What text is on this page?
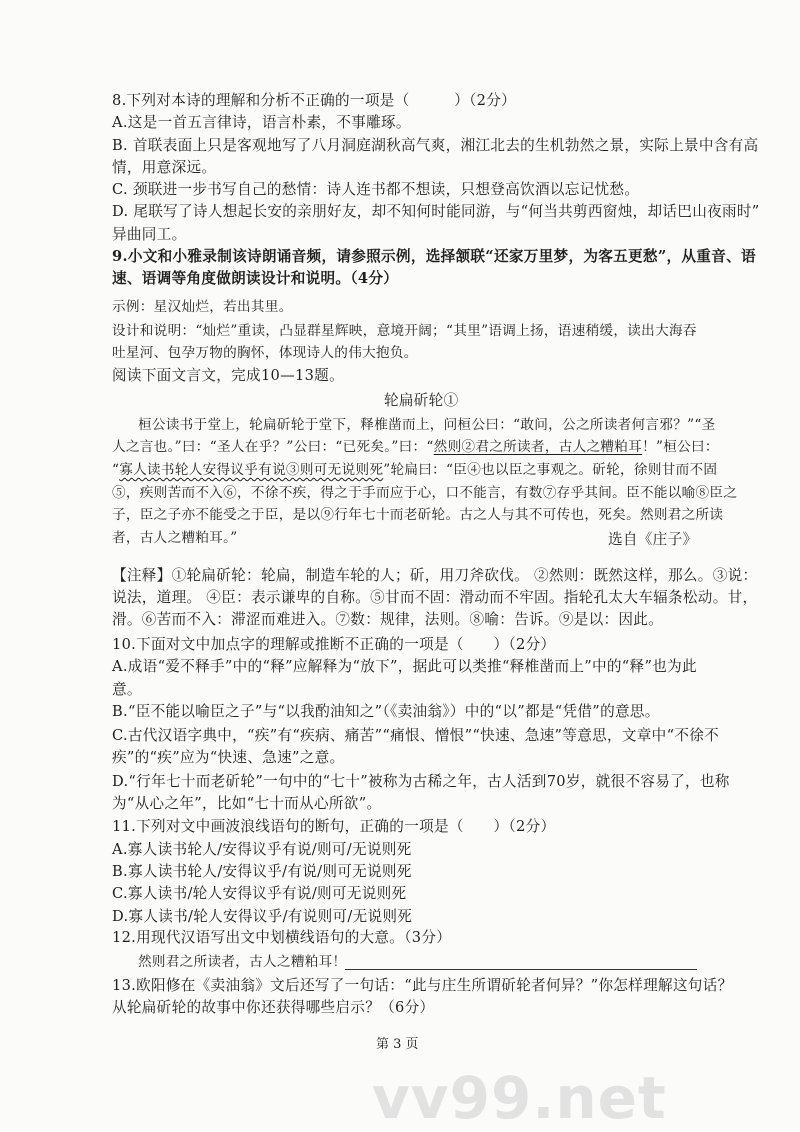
8.下列对本诗的理解和分析不正确的一项是（　　　）（2分）
A.这是一首五言律诗，语言朴素，不事雕琢。
B. 首联表面上只是客观地写了八月洞庭湖秋高气爽，湘江北去的生机勃然之景，实际上景中含有高
情，用意深远。
C. 颈联进一步书写自己的愁情：诗人连书都不想读，只想登高饮酒以忘记忧愁。
D. 尾联写了诗人想起长安的亲朋好友，却不知何时能同游，与“何当共剪西窗烛，却话巴山夜雨时”
异曲同工。
9.小文和小雅录制该诗朗诵音频，请参照示例，选择颔联“还家万里梦，为客五更愁”，从重音、语
速、语调等角度做朗读设计和说明。（4分）
示例：星汉灿烂，若出其里。
设计和说明：“灿烂”重读，凸显群星辉映，意境开阔；“其里”语调上扬，语速稍缓，读出大海吞
吐星河、包孕万物的胸怀，体现诗人的伟大抱负。
阅读下面文言文，完成10—13题。
轮扁斫轮①
桓公读书于堂上，轮扁斫轮于堂下，释椎凿而上，问桓公曰：“敢问，公之所读者何言邪？”“圣
人之言也。”曰：“圣人在乎？”公曰：“已死矣。”曰：“然则②君之所读者，古人之糟粕耳！”桓公曰：
“寡人读书轮人安得议乎有说③则可无说则死”轮扁曰：“臣④也以臣之事观之。斫轮，徐则甘而不固
⑤，疾则苦而不入⑥，不徐不疾，得之于手而应于心，口不能言，有数⑦存乎其间。臣不能以喻⑧臣之
子，臣之子亦不能受之于臣，是以⑨行年七十而老斫轮。古之人与其不可传也，死矣。然则君之所读
者，古人之糟粕耳。”	选自《庄子》
【注释】①轮扁斫轮：轮扁，制造车轮的人；斫，用刀斧砍伐。 ②然则：既然这样，那么。③说：
说法，道理。 ④臣：表示谦卑的自称。⑤甘而不固：滑动而不牢固。指轮孔太大车辐条松动。甘，
滑。⑥苦而不入：滞涩而难进入。⑦数：规律，法则。⑧喻：告诉。⑨是以：因此。
10.下面对文中加点字的理解或推断不正确的一项是（　　）（2分）
A.成语“爱不释手”中的“释”应解释为“放下”，据此可以类推“释椎凿而上”中的“释”也为此
意。
B.“臣不能以喻臣之子”与“以我酌油知之”（《卖油翁》）中的“以”都是“凭借”的意思。
C.古代汉语字典中，“疾”有“疾病、痛苦”“痛恨、憎恨”“快速、急速”等意思，文章中“不徐不
疾”的“疾”应为“快速、急速”之意。
D.“行年七十而老斫轮”一句中的“七十”被称为古稀之年，古人活到70岁，就很不容易了，也称
为“从心之年”，比如“七十而从心所欲”。
11.下列对文中画波浪线语句的断句，正确的一项是（　　）（2分）
A.寡人读书轮人/安得议乎有说/则可/无说则死
B.寡人读书轮人/安得议乎/有说/则可无说则死
C.寡人读书/轮人安得议乎有说/则可无说则死
D.寡人读书/轮人安得议乎/有说则可/无说则死
12.用现代汉语写出文中划横线语句的大意。（3分）
然则君之所读者，古人之糟粕耳！
13.欧阳修在《卖油翁》文后还写了一句话：“此与庄生所谓斫轮者何异？”你怎样理解这句话？
从轮扁斫轮的故事中你还获得哪些启示？（6分）
第 3 页
vv99.net
